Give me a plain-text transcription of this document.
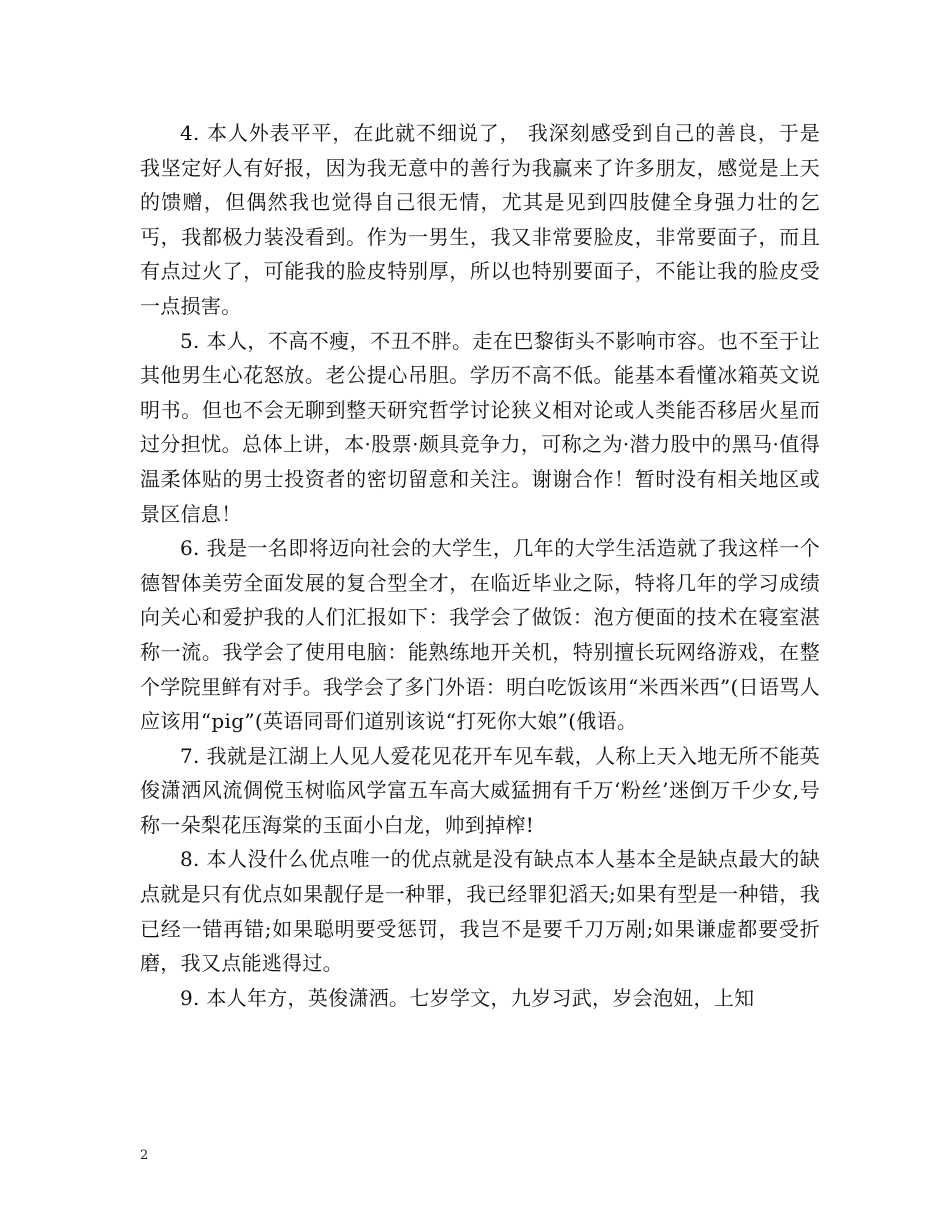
4. 本人外表平平，在此就不细说了， 我深刻感受到自己的善良，于是我坚定好人有好报，因为我无意中的善行为我赢来了许多朋友，感觉是上天的馈赠，但偶然我也觉得自己很无情，尤其是见到四肢健全身强力壮的乞丐，我都极力装没看到。作为一男生，我又非常要脸皮，非常要面子，而且有点过火了，可能我的脸皮特别厚，所以也特别要面子，不能让我的脸皮受一点损害。

5. 本人，不高不瘦，不丑不胖。走在巴黎街头不影响市容。也不至于让其他男生心花怒放。老公提心吊胆。学历不高不低。能基本看懂冰箱英文说明书。但也不会无聊到整天研究哲学讨论狭义相对论或人类能否移居火星而过分担忧。总体上讲，本·股票·颇具竞争力，可称之为·潜力股中的黑马·值得温柔体贴的男士投资者的密切留意和关注。谢谢合作！暂时没有相关地区或景区信息！

6. 我是一名即将迈向社会的大学生，几年的大学生活造就了我这样一个德智体美劳全面发展的复合型全才，在临近毕业之际，特将几年的学习成绩向关心和爱护我的人们汇报如下：我学会了做饭：泡方便面的技术在寝室湛称一流。我学会了使用电脑：能熟练地开关机，特别擅长玩网络游戏，在整个学院里鲜有对手。我学会了多门外语：明白吃饭该用“米西米西”(日语骂人应该用“pig”(英语同哥们道别该说“打死你大娘”(俄语。

7. 我就是江湖上人见人爱花见花开车见车载，人称上天入地无所不能英俊潇洒风流倜傥玉树临风学富五车高大威猛拥有千万‘粉丝’迷倒万千少女,号称一朵梨花压海棠的玉面小白龙，帅到掉榨!

8. 本人没什么优点唯一的优点就是没有缺点本人基本全是缺点最大的缺点就是只有优点如果靓仔是一种罪，我已经罪犯滔天;如果有型是一种错，我已经一错再错;如果聪明要受惩罚，我岂不是要千刀万剐;如果谦虚都要受折磨，我又点能逃得过。

9. 本人年方，英俊潇洒。七岁学文，九岁习武，岁会泡妞，上知

2
